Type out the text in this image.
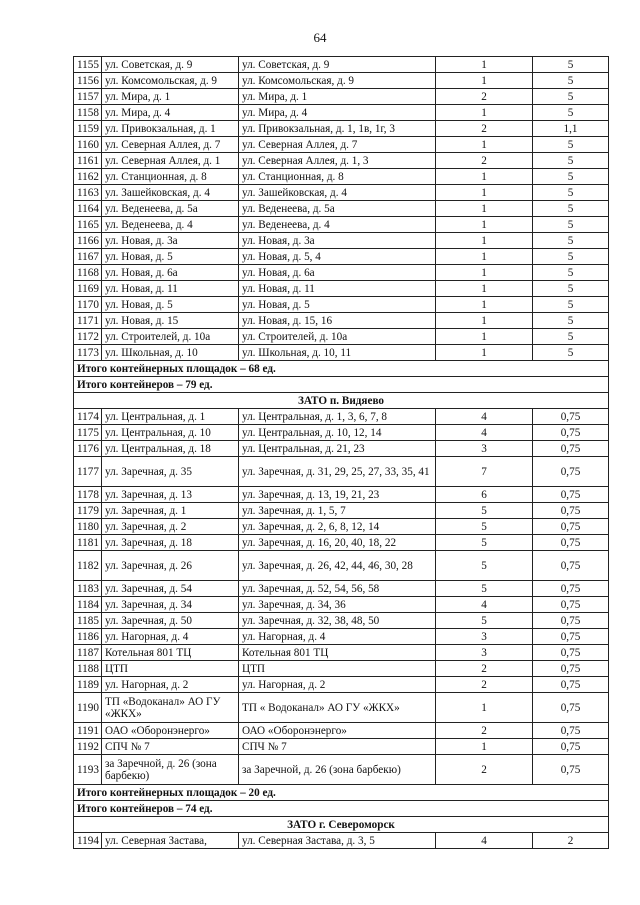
64
1155	ул. Советская, д. 9	ул. Советская, д. 9	1	5
1156	ул. Комсомольская, д. 9	ул. Комсомольская, д. 9	1	5
1157	ул. Мира, д. 1	ул. Мира, д. 1	2	5
1158	ул. Мира, д. 4	ул. Мира, д. 4	1	5
1159	ул. Привокзальная, д. 1	ул. Привокзальная, д. 1, 1в, 1г, 3	2	1,1
1160	ул. Северная Аллея, д. 7	ул. Северная Аллея, д. 7	1	5
1161	ул. Северная Аллея, д. 1	ул. Северная Аллея, д. 1, 3	2	5
1162	ул. Станционная, д. 8	ул. Станционная, д. 8	1	5
1163	ул. Зашейковская, д. 4	ул. Зашейковская, д. 4	1	5
1164	ул. Веденеева, д. 5а	ул. Веденеева, д. 5а	1	5
1165	ул. Веденеева, д. 4	ул. Веденеева, д. 4	1	5
1166	ул. Новая, д. 3а	ул. Новая, д. 3а	1	5
1167	ул. Новая, д. 5	ул. Новая, д. 5, 4	1	5
1168	ул. Новая, д. 6а	ул. Новая, д. 6а	1	5
1169	ул. Новая, д. 11	ул. Новая, д. 11	1	5
1170	ул. Новая, д. 5	ул. Новая, д. 5	1	5
1171	ул. Новая, д. 15	ул. Новая, д. 15, 16	1	5
1172	ул. Строителей, д. 10а	ул. Строителей, д. 10а	1	5
1173	ул. Школьная, д. 10	ул. Школьная, д. 10, 11	1	5
Итого контейнерных площадок – 68 ед.				
Итого контейнеров – 79 ед.				
ЗАТО п. Видяево				
1174	ул. Центральная, д. 1	ул. Центральная, д. 1, 3, 6, 7, 8	4	0,75
1175	ул. Центральная, д. 10	ул. Центральная, д. 10, 12, 14	4	0,75
1176	ул. Центральная, д. 18	ул. Центральная, д. 21, 23	3	0,75
1177	ул. Заречная, д. 35	ул. Заречная, д. 31, 29, 25, 27, 33, 35, 41	7	0,75
1178	ул. Заречная, д. 13	ул. Заречная, д. 13, 19, 21, 23	6	0,75
1179	ул. Заречная, д. 1	ул. Заречная, д. 1, 5, 7	5	0,75
1180	ул. Заречная, д. 2	ул. Заречная, д. 2, 6, 8, 12, 14	5	0,75
1181	ул. Заречная, д. 18	ул. Заречная, д. 16, 20, 40, 18, 22	5	0,75
1182	ул. Заречная, д. 26	ул. Заречная, д. 26, 42, 44, 46, 30, 28	5	0,75
1183	ул. Заречная, д. 54	ул. Заречная, д. 52, 54, 56, 58	5	0,75
1184	ул. Заречная, д. 34	ул. Заречная, д. 34, 36	4	0,75
1185	ул. Заречная, д. 50	ул. Заречная, д. 32, 38, 48, 50	5	0,75
1186	ул. Нагорная, д. 4	ул. Нагорная, д. 4	3	0,75
1187	Котельная 801 ТЦ	Котельная 801 ТЦ	3	0,75
1188	ЦТП	ЦТП	2	0,75
1189	ул. Нагорная, д. 2	ул. Нагорная, д. 2	2	0,75
1190	ТП «Водоканал» АО ГУ «ЖКХ»	ТП « Водоканал» АО ГУ «ЖКХ»	1	0,75
1191	ОАО «Оборонэнерго»	ОАО «Оборонэнерго»	2	0,75
1192	СПЧ № 7	СПЧ № 7	1	0,75
1193	за Заречной, д. 26 (зона барбекю)	за Заречной, д. 26 (зона барбекю)	2	0,75
Итого контейнерных площадок – 20 ед.				
Итого контейнеров – 74 ед.				
ЗАТО г. Североморск				
1194	ул. Северная Застава,	ул. Северная Застава, д. 3, 5	4	2
